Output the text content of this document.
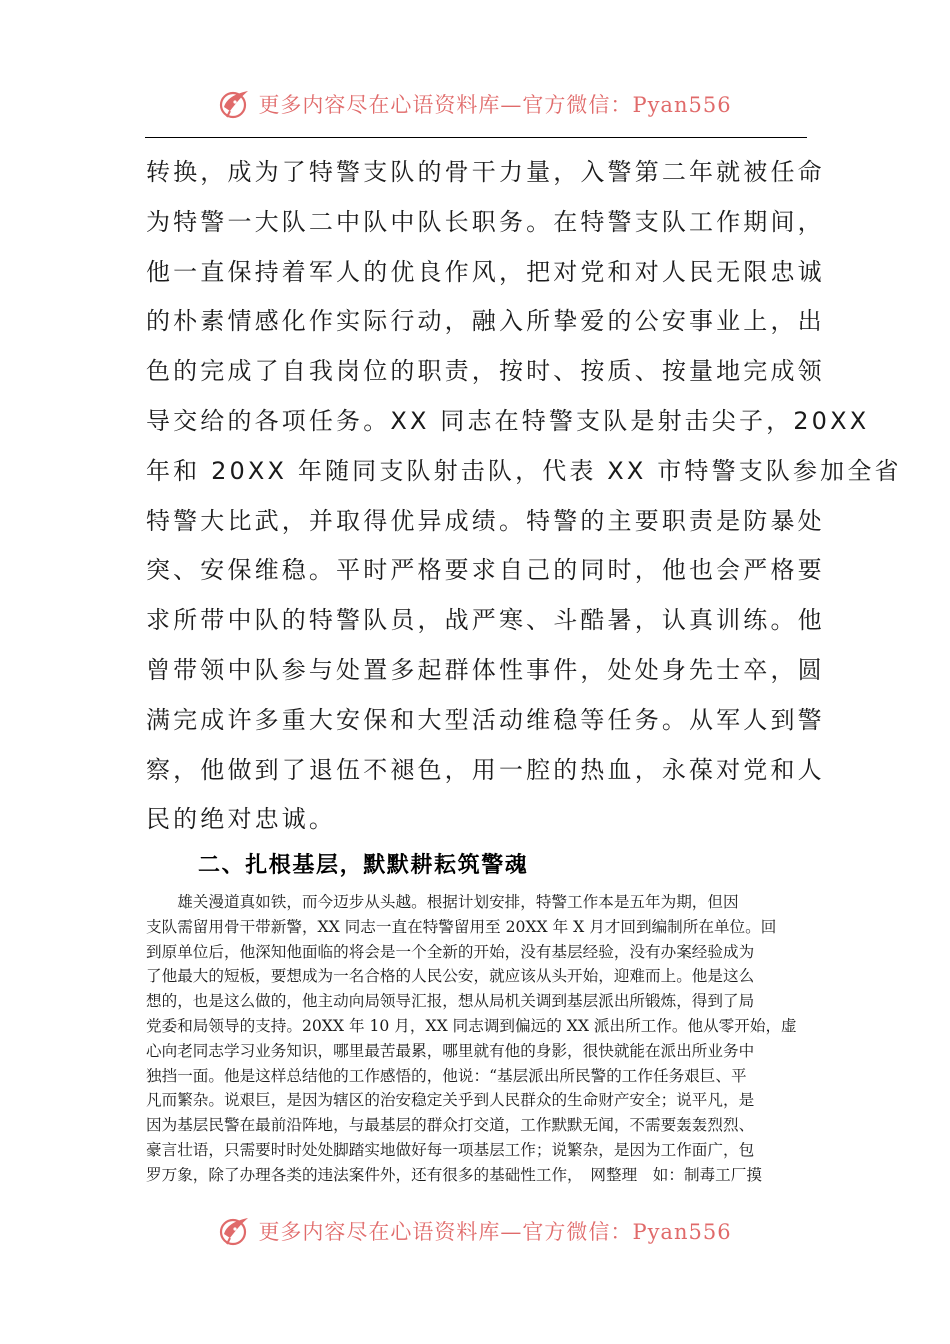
更多内容尽在心语资料库—官方微信：Pyan556
转换，成为了特警支队的骨干力量，入警第二年就被任命
为特警一大队二中队中队长职务。在特警支队工作期间，
他一直保持着军人的优良作风，把对党和对人民无限忠诚
的朴素情感化作实际行动，融入所挚爱的公安事业上，出
色的完成了自我岗位的职责，按时、按质、按量地完成领
导交给的各项任务。XX 同志在特警支队是射击尖子，20XX
年和 20XX 年随同支队射击队，代表 XX 市特警支队参加全省
特警大比武，并取得优异成绩。特警的主要职责是防暴处
突、安保维稳。平时严格要求自己的同时，他也会严格要
求所带中队的特警队员，战严寒、斗酷暑，认真训练。他
曾带领中队参与处置多起群体性事件，处处身先士卒，圆
满完成许多重大安保和大型活动维稳等任务。从军人到警
察，他做到了退伍不褪色，用一腔的热血，永葆对党和人
民的绝对忠诚。
二、扎根基层，默默耕耘筑警魂
　　雄关漫道真如铁，而今迈步从头越。根据计划安排，特警工作本是五年为期，但因
支队需留用骨干带新警，XX 同志一直在特警留用至 20XX 年 X 月才回到编制所在单位。回
到原单位后，他深知他面临的将会是一个全新的开始，没有基层经验，没有办案经验成为
了他最大的短板，要想成为一名合格的人民公安，就应该从头开始，迎难而上。他是这么
想的，也是这么做的，他主动向局领导汇报，想从局机关调到基层派出所锻炼，得到了局
党委和局领导的支持。20XX 年 10 月，XX 同志调到偏远的 XX 派出所工作。他从零开始，虚
心向老同志学习业务知识，哪里最苦最累，哪里就有他的身影，很快就能在派出所业务中
独挡一面。他是这样总结他的工作感悟的，他说：“基层派出所民警的工作任务艰巨、平
凡而繁杂。说艰巨，是因为辖区的治安稳定关乎到人民群众的生命财产安全；说平凡，是
因为基层民警在最前沿阵地，与最基层的群众打交道，工作默默无闻，不需要轰轰烈烈、
豪言壮语，只需要时时处处脚踏实地做好每一项基层工作；说繁杂，是因为工作面广，包
罗万象，除了办理各类的违法案件外，还有很多的基础性工作，　网整理　如：制毒工厂摸
更多内容尽在心语资料库—官方微信：Pyan556
